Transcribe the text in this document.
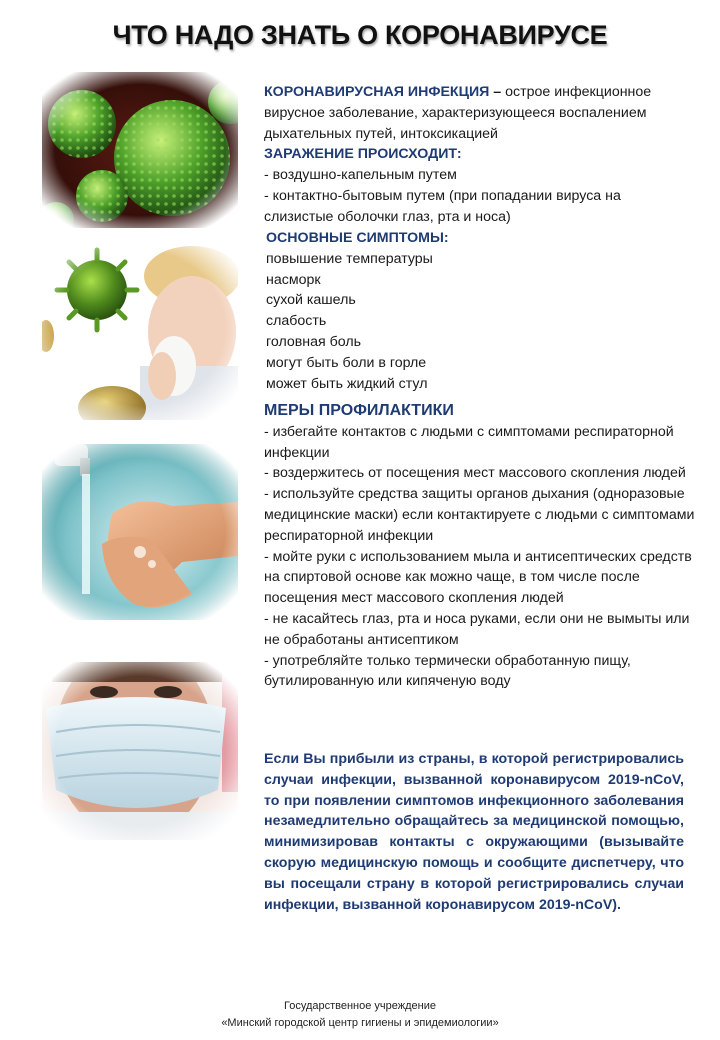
ЧТО НАДО ЗНАТЬ О КОРОНАВИРУСЕ

КОРОНАВИРУСНАЯ ИНФЕКЦИЯ – острое инфекционное вирусное заболевание, характеризующееся воспалением дыхательных путей, интоксикацией

ЗАРАЖЕНИЕ ПРОИСХОДИТ:

- воздушно-капельным путем

- контактно-бытовым путем (при попадании вируса на слизистые оболочки глаз, рта и носа)

ОСНОВНЫЕ СИМПТОМЫ:

повышение температуры

насморк

сухой кашель

слабость

головная боль

могут быть боли в горле

может быть жидкий стул

МЕРЫ ПРОФИЛАКТИКИ

- избегайте контактов с людьми с симптомами респираторной инфекции

- воздержитесь от посещения мест массового скопления людей

- используйте средства защиты органов дыхания (одноразовые медицинские маски) если контактируете с людьми с симптомами респираторной инфекции

- мойте руки с использованием мыла и антисептических средств на спиртовой основе как можно чаще, в том числе после посещения мест массового скопления людей

- не касайтесь глаз, рта и носа руками, если они не вымыты или не обработаны антисептиком

- употребляйте только термически обработанную пищу, бутилированную или кипяченую воду

Если Вы прибыли из страны, в которой регистрировались случаи инфекции, вызванной коронавирусом 2019-nCoV, то при появлении симптомов инфекционного заболевания незамедлительно обращайтесь за медицинской помощью, минимизировав контакты с окружающими (вызывайте скорую медицинскую помощь и сообщите диспетчеру, что вы посещали страну в которой регистрировались случаи инфекции, вызванной коронавирусом 2019-nCoV).
Государственное учреждение
«Минский городской центр гигиены и эпидемиологии»
